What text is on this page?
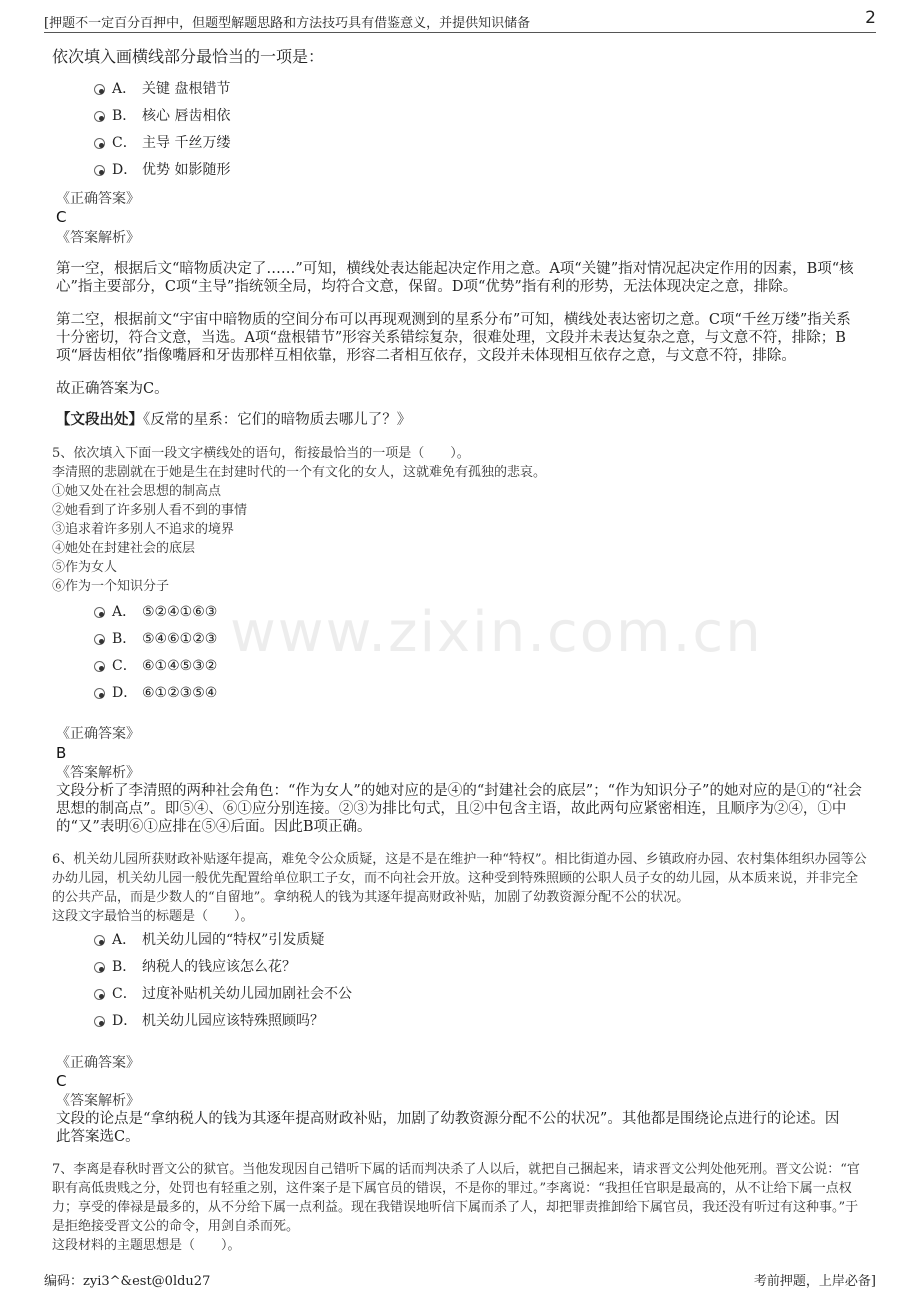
[押题不一定百分百押中，但题型解题思路和方法技巧具有借鉴意义，并提供知识储备	2
www.zixin.com.cn
依次填入画横线部分最恰当的一项是：
A． 关键 盘根错节
B． 核心 唇齿相依
C． 主导 千丝万缕
D． 优势 如影随形
《正确答案》
C
《答案解析》

第一空，根据后文“暗物质决定了……”可知，横线处表达能起决定作用之意。A项“关键”指对情况起决定作用的因素，B项“核

心”指主要部分，C项“主导”指统领全局，均符合文意，保留。D项“优势”指有利的形势，无法体现决定之意，排除。

第二空，根据前文“宇宙中暗物质的空间分布可以再现观测到的星系分布”可知，横线处表达密切之意。C项“千丝万缕”指关系

十分密切，符合文意，当选。A项“盘根错节”形容关系错综复杂，很难处理，文段并未表达复杂之意，与文意不符，排除；B

项“唇齿相依”指像嘴唇和牙齿那样互相依靠，形容二者相互依存，文段并未体现相互依存之意，与文意不符，排除。

故正确答案为C。

【文段出处】《反常的星系：它们的暗物质去哪儿了？》

5、依次填入下面一段文字横线处的语句，衔接最恰当的一项是（　　）。
李清照的悲剧就在于她是生在封建时代的一个有文化的女人，这就难免有孤独的悲哀。
①她又处在社会思想的制高点
②她看到了许多别人看不到的事情
③追求着许多别人不追求的境界
④她处在封建社会的底层
⑤作为女人
⑥作为一个知识分子
A． ⑤②④①⑥③
B． ⑤④⑥①②③
C． ⑥①④⑤③②
D． ⑥①②③⑤④
《正确答案》
B
《答案解析》

文段分析了李清照的两种社会角色：“作为女人”的她对应的是④的“封建社会的底层”；“作为知识分子”的她对应的是①的“社会

思想的制高点”。即⑤④、⑥①应分别连接。②③为排比句式，且②中包含主语，故此两句应紧密相连，且顺序为②④，①中

的“又”表明⑥①应排在⑤④后面。因此B项正确。

6、机关幼儿园所获财政补贴逐年提高，难免令公众质疑，这是不是在维护一种“特权”。相比街道办园、乡镇政府办园、农村集体组织办园等公
办幼儿园，机关幼儿园一般优先配置给单位职工子女，而不向社会开放。这种受到特殊照顾的公职人员子女的幼儿园，从本质来说，并非完全
的公共产品，而是少数人的“自留地”。拿纳税人的钱为其逐年提高财政补贴，加剧了幼教资源分配不公的状况。
这段文字最恰当的标题是（　　）。
A． 机关幼儿园的“特权”引发质疑
B． 纳税人的钱应该怎么花？
C． 过度补贴机关幼儿园加剧社会不公
D． 机关幼儿园应该特殊照顾吗？
《正确答案》
C
《答案解析》

文段的论点是“拿纳税人的钱为其逐年提高财政补贴，加剧了幼教资源分配不公的状况”。其他都是围绕论点进行的论述。因

此答案选C。

7、李离是春秋时晋文公的狱官。当他发现因自己错听下属的话而判决杀了人以后，就把自己捆起来，请求晋文公判处他死刑。晋文公说：“官
职有高低贵贱之分，处罚也有轻重之别，这件案子是下属官员的错误，不是你的罪过。”李离说：“我担任官职是最高的，从不让给下属一点权
力；享受的俸禄是最多的，从不分给下属一点利益。现在我错误地听信下属而杀了人，却把罪责推卸给下属官员，我还没有听过有这种事。”于
是拒绝接受晋文公的命令，用剑自杀而死。
这段材料的主题思想是（　　）。
编码：zyi3^&est@0ldu27	考前押题，上岸必备]
